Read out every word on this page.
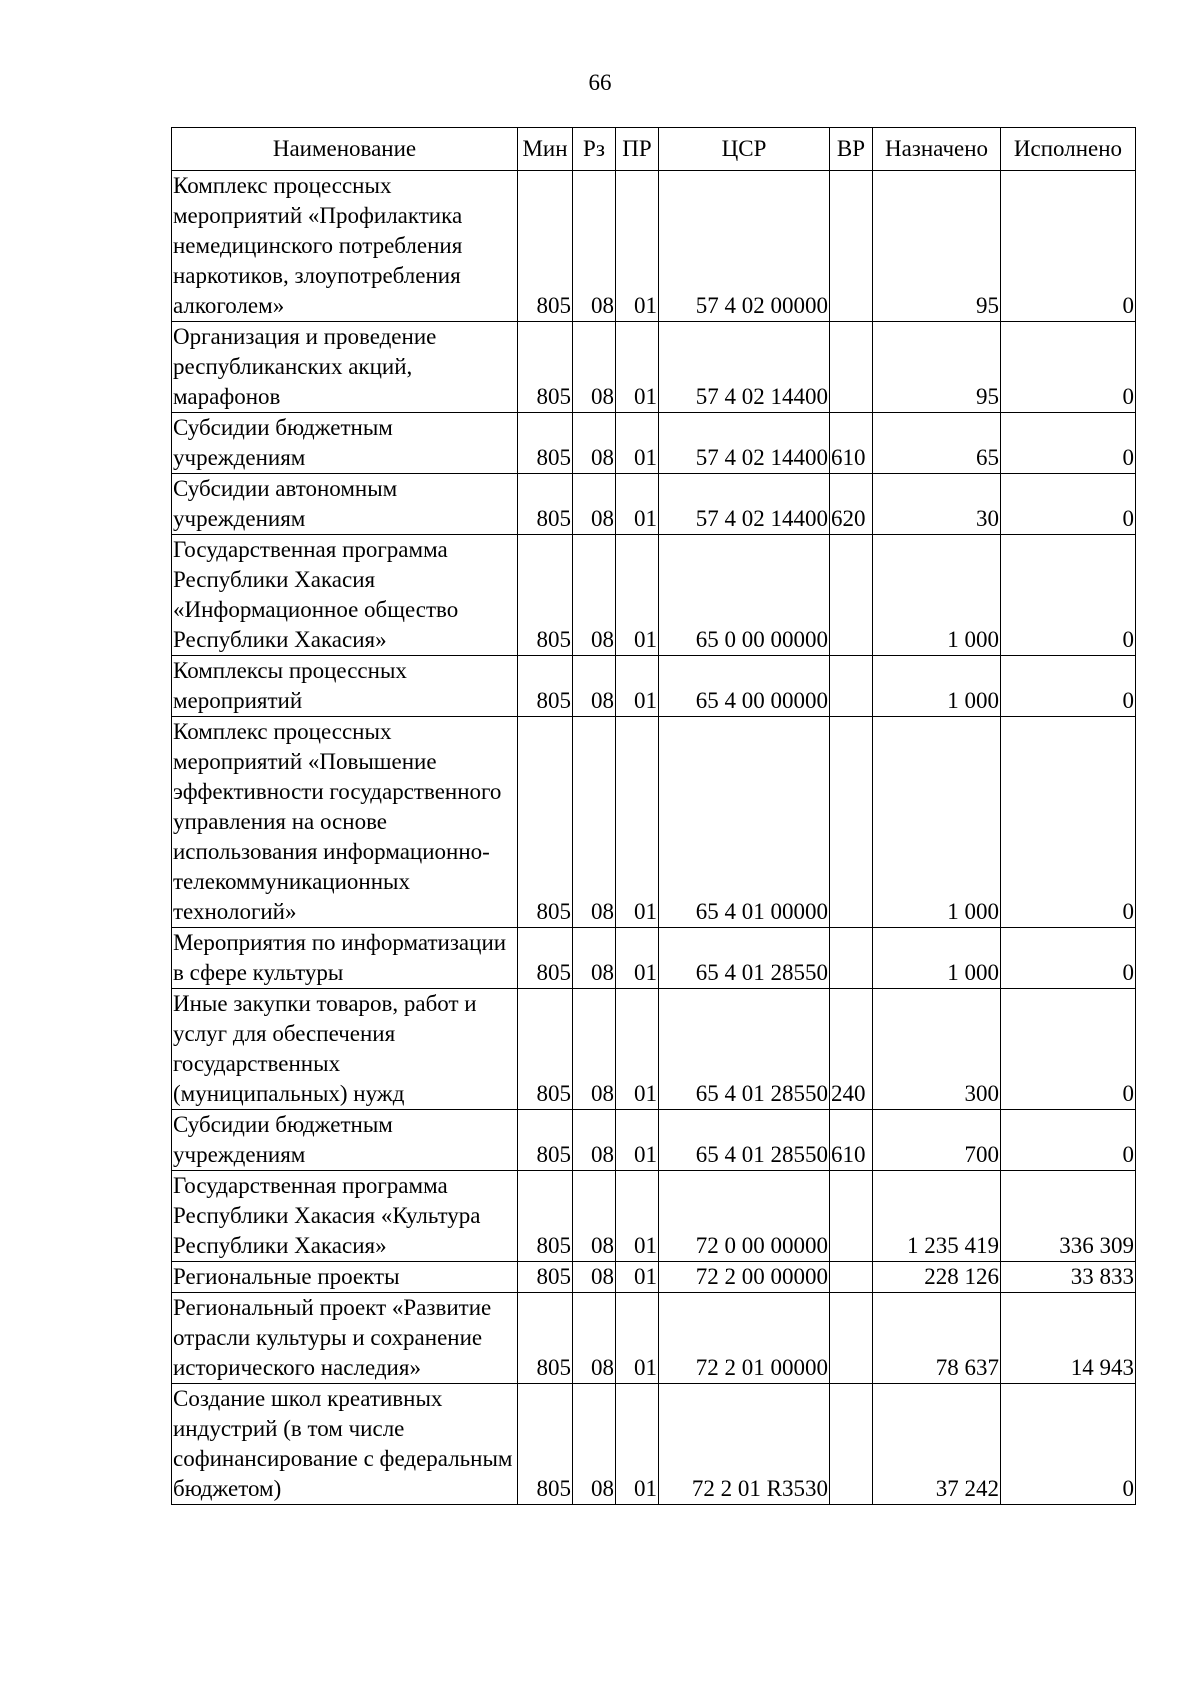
66
Наименование	Мин	Рз	ПР	ЦСР	ВР	Назначено	Исполнено
Комплекс процессных мероприятий «Профилактика немедицинского потребления наркотиков, злоупотребления алкоголем»	805	08	01	57 4 02 00000		95	0
Организация и проведение республиканских акций, марафонов	805	08	01	57 4 02 14400		95	0
Субсидии бюджетным учреждениям	805	08	01	57 4 02 14400	610	65	0
Субсидии автономным учреждениям	805	08	01	57 4 02 14400	620	30	0
Государственная программа Республики Хакасия «Информационное общество Республики Хакасия»	805	08	01	65 0 00 00000		1 000	0
Комплексы процессных мероприятий	805	08	01	65 4 00 00000		1 000	0
Комплекс процессных мероприятий «Повышение эффективности государственного управления на основе использования информационно-телекоммуникационных технологий»	805	08	01	65 4 01 00000		1 000	0
Мероприятия по информатизации в сфере культуры	805	08	01	65 4 01 28550		1 000	0
Иные закупки товаров, работ и услуг для обеспечения государственных (муниципальных) нужд	805	08	01	65 4 01 28550	240	300	0
Субсидии бюджетным учреждениям	805	08	01	65 4 01 28550	610	700	0
Государственная программа Республики Хакасия «Культура Республики Хакасия»	805	08	01	72 0 00 00000		1 235 419	336 309
Региональные проекты	805	08	01	72 2 00 00000		228 126	33 833
Региональный проект «Развитие отрасли культуры и сохранение исторического наследия»	805	08	01	72 2 01 00000		78 637	14 943
Создание школ креативных индустрий (в том числе софинансирование с федеральным бюджетом)	805	08	01	72 2 01 R3530		37 242	0
